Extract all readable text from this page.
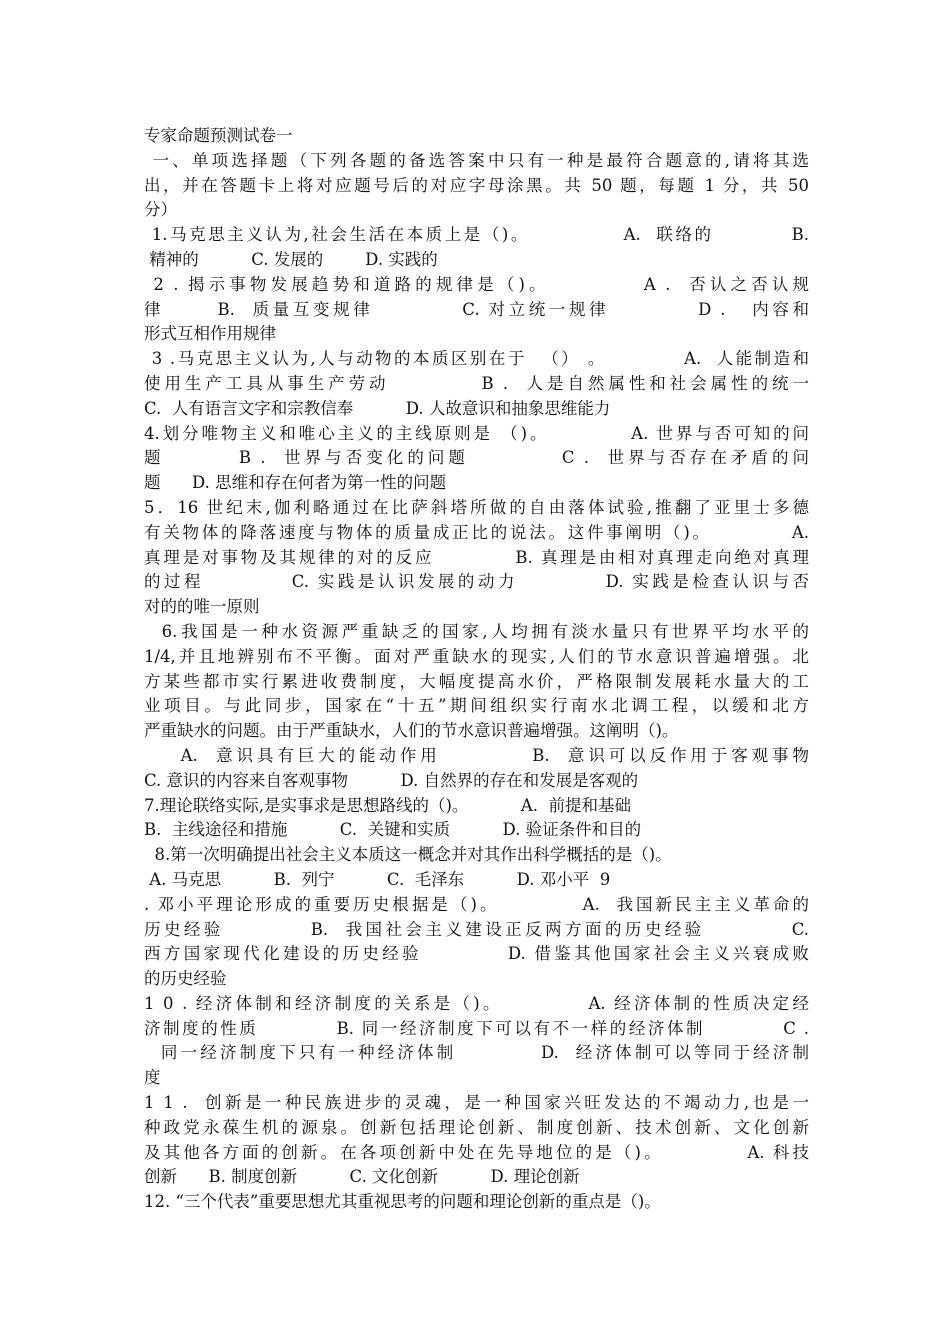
专家命题预测试卷一
一、单项选择题（下列各题的备选答案中只有一种是最符合题意的,请将其选
出，并在答题卡上将对应题号后的对应字母涂黑。共 50 题，每题 1 分，共 50
分）
1.马克思主义认为,社会生活在本质上是（)。            A.  联络的          B.
精神的          C. 发展的        D. 实践的
2 . 揭示事物发展趋势和道路的规律是（)。          A .  否认之否认规
律      B.  质量互变规律          C. 对立统一规律          D .   内容和
形式互相作用规律
3 .马克思主义认为,人与动物的本质区别在于  （） 。          A.  人能制造和
使用生产工具从事生产劳动          B .  人是自然属性和社会属性的统一
C.  人有语言文字和宗教信奉          D. 人故意识和抽象思维能力
4.划分唯物主义和唯心主义的主线原则是 （)。          A. 世界与否可知的问
题        B .  世界与否变化的问题          C .  世界与否存在矛盾的问
题      D. 思维和存在何者为第一性的问题
5．16 世纪末,伽利略通过在比萨斜塔所做的自由落体试验,推翻了亚里士多德
有关物体的降落速度与物体的质量成正比的说法。这件事阐明（)。          A.
真理是对事物及其规律的对的反应          B. 真理是由相对真理走向绝对真理
的过程          C. 实践是认识发展的动力          D. 实践是检查认识与否
对的的唯一原则
6.我国是一种水资源严重缺乏的国家,人均拥有淡水量只有世界平均水平的
1/4,并且地辨别布不平衡。面对严重缺水的现实,人们的节水意识普遍增强。北
方某些都市实行累进收费制度，大幅度提高水价，严格限制发展耗水量大的工
业项目。与此同步，国家在“十五”期间组织实行南水北调工程，以缓和北方
严重缺水的问题。由于严重缺水，人们的节水意识普遍增强。这阐明（)。
A.  意识具有巨大的能动作用          B.  意识可以反作用于客观事物
C. 意识的内容来自客观事物          D. 自然界的存在和发展是客观的
7.理论联络实际,是实事求是思想路线的（)。          A.  前提和基础
B.  主线途径和措施          C.  关键和实质          D. 验证条件和目的
8.第一次明确提出社会主义本质这一概念并对其作出科学概括的是（)。
A. 马克思          B.  列宁          C.  毛泽东          D. 邓小平  9
. 邓小平理论形成的重要历史根据是（)。          A.  我国新民主主义革命的
历史经验          B.  我国社会主义建设正反两方面的历史经验          C.
西方国家现代化建设的历史经验          D. 借鉴其他国家社会主义兴衰成败
的历史经验
1 0 . 经济体制和经济制度的关系是（)。          A. 经济体制的性质决定经
济制度的性质          B. 同一经济制度下可以有不一样的经济体制          C .
同一经济制度下只有一种经济体制          D.  经济体制可以等同于经济制
度
1 1 .  创新是一种民族进步的灵魂，是一种国家兴旺发达的不竭动力,也是一
种政党永葆生机的源泉。创新包括理论创新、制度创新、技术创新、文化创新
及其他各方面的创新。在各项创新中处在先导地位的是（)。          A. 科技
创新      B. 制度创新          C. 文化创新          D. 理论创新
12. “三个代表”重要思想尤其重视思考的问题和理论创新的重点是（)。
